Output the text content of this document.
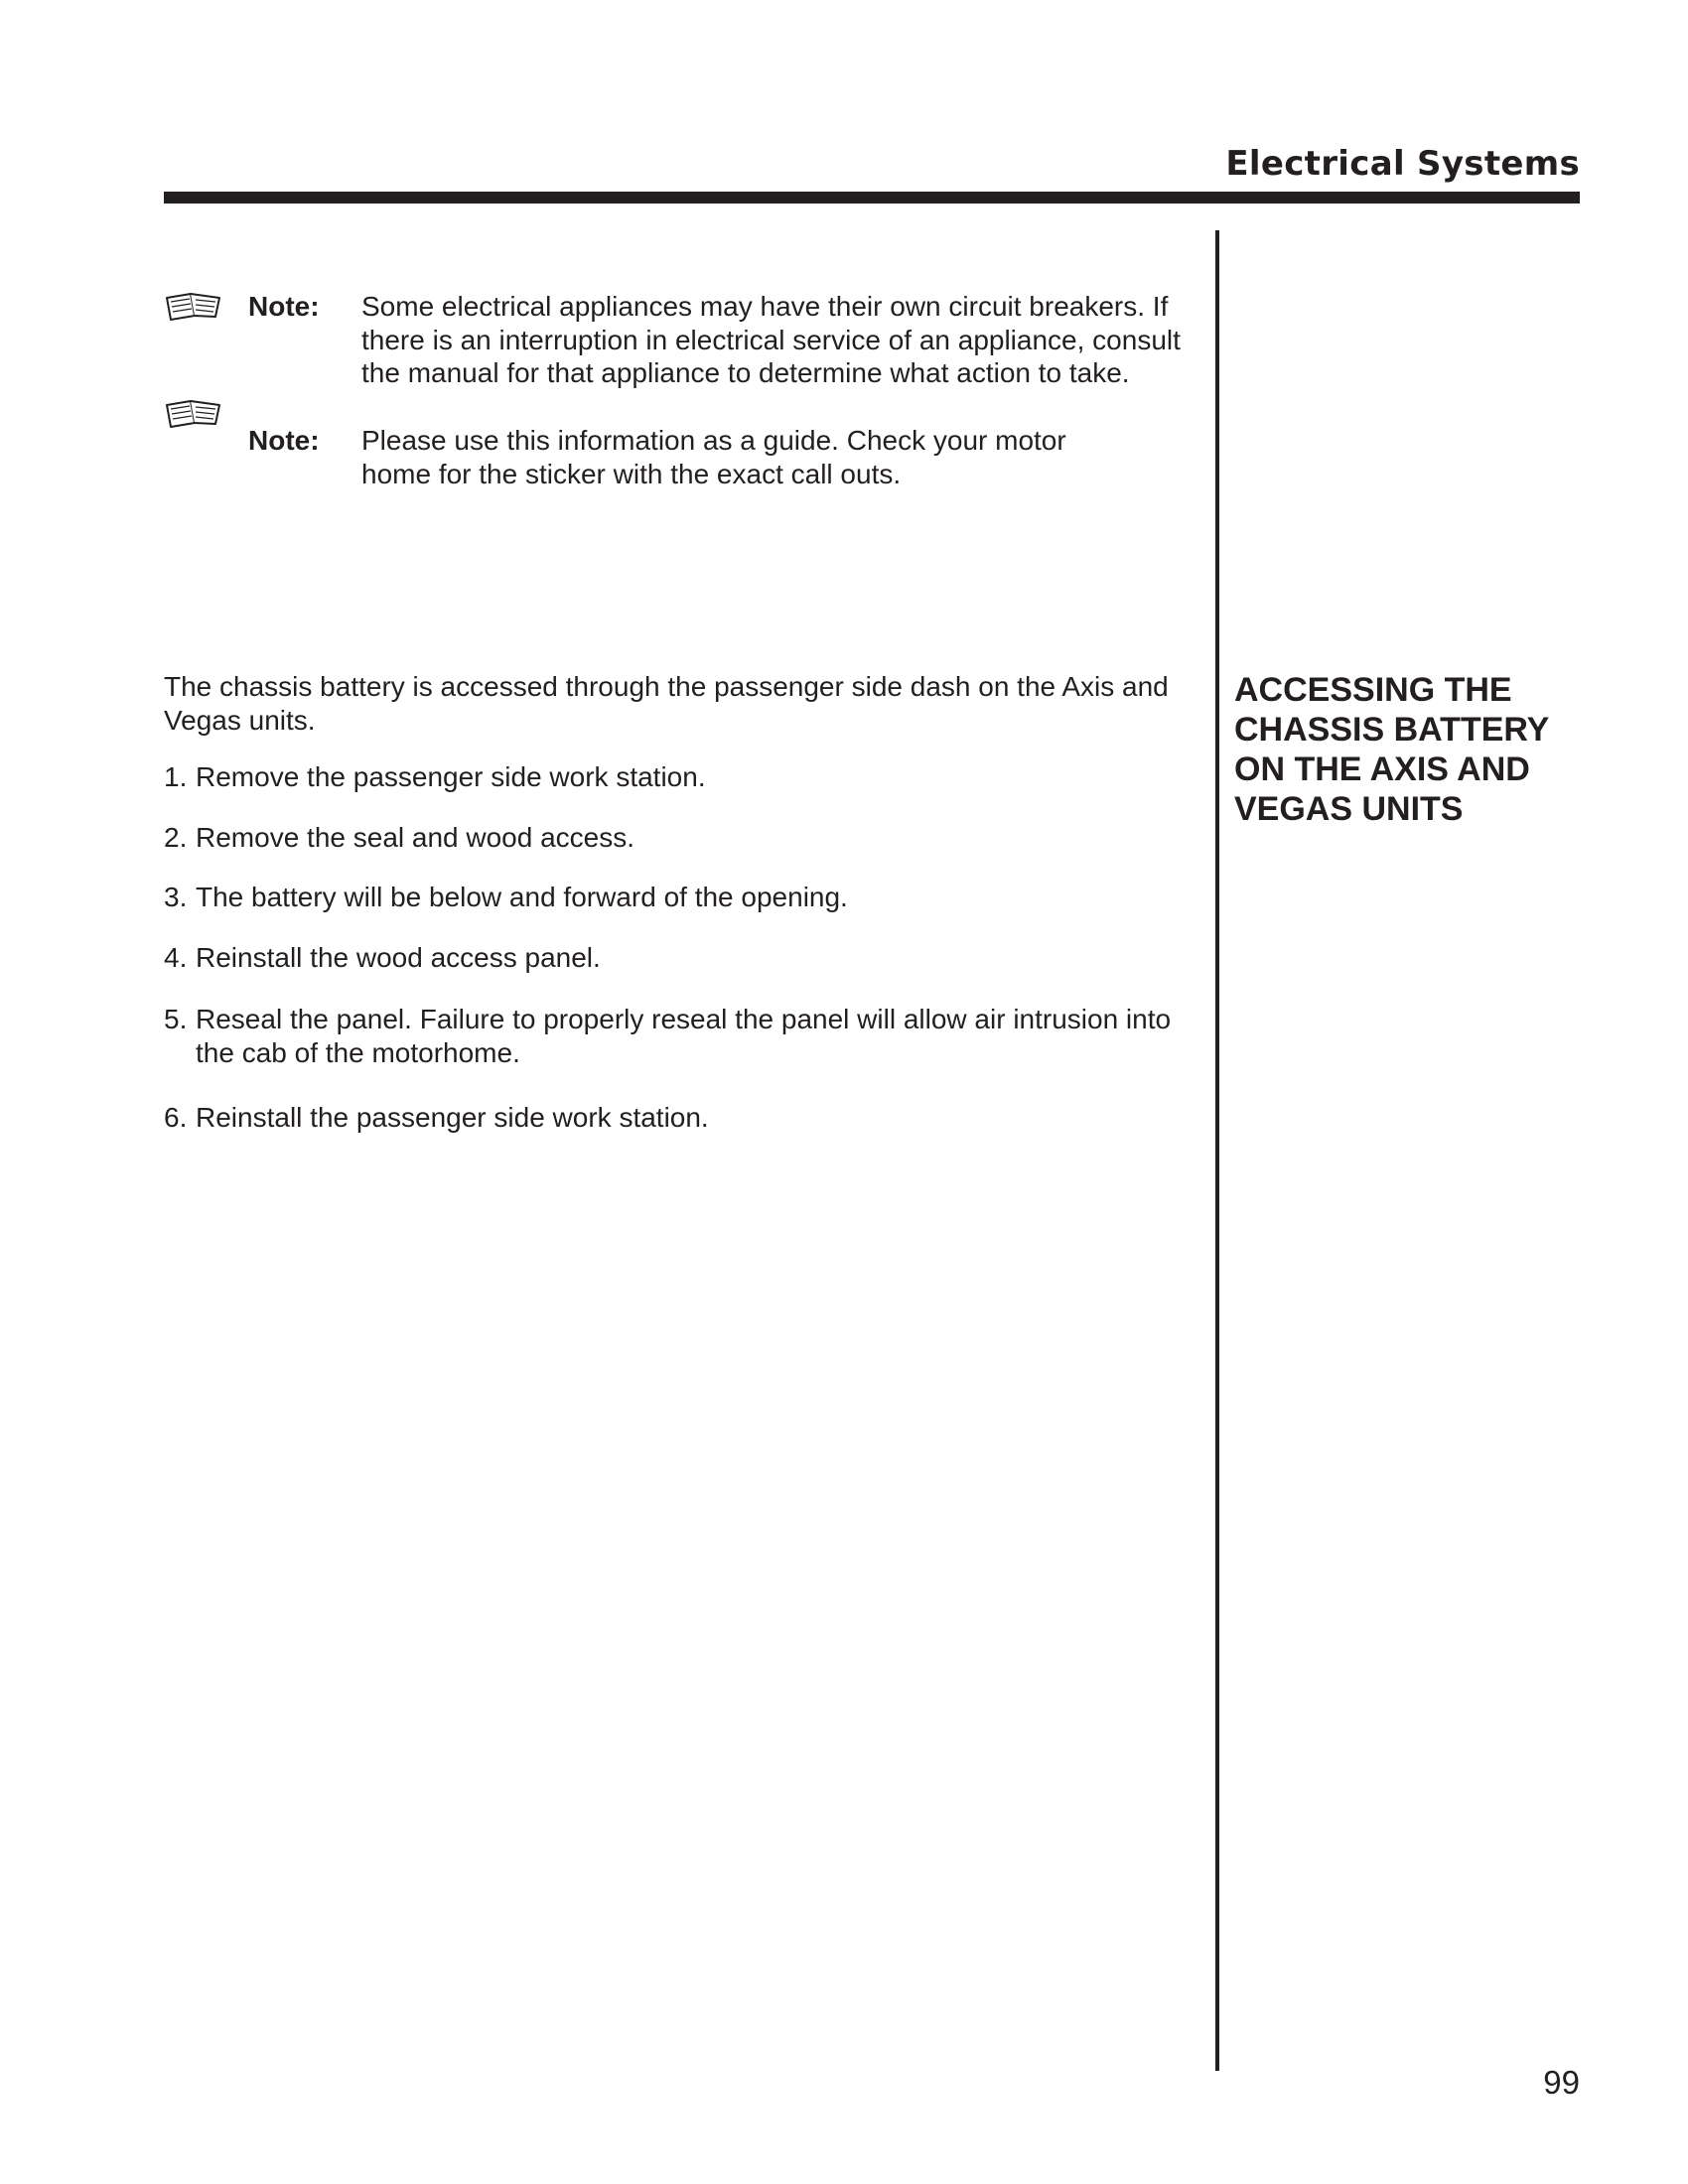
Electrical Systems
Note: Some electrical appliances may have their own circuit breakers. If there is an interruption in electrical service of an appliance, consult the manual for that appliance to determine what action to take.
Note: Please use this information as a guide. Check your motor home for the sticker with the exact call outs.
The chassis battery is accessed through the passenger side dash on the Axis and Vegas units.
1. Remove the passenger side work station.
2. Remove the seal and wood access.
3. The battery will be below and forward of the opening.
4. Reinstall the wood access panel.
5. Reseal the panel. Failure to properly reseal the panel will allow air intrusion into the cab of the motorhome.
6. Reinstall the passenger side work station.
ACCESSING THE CHASSIS BATTERY ON THE AXIS AND VEGAS UNITS
99
